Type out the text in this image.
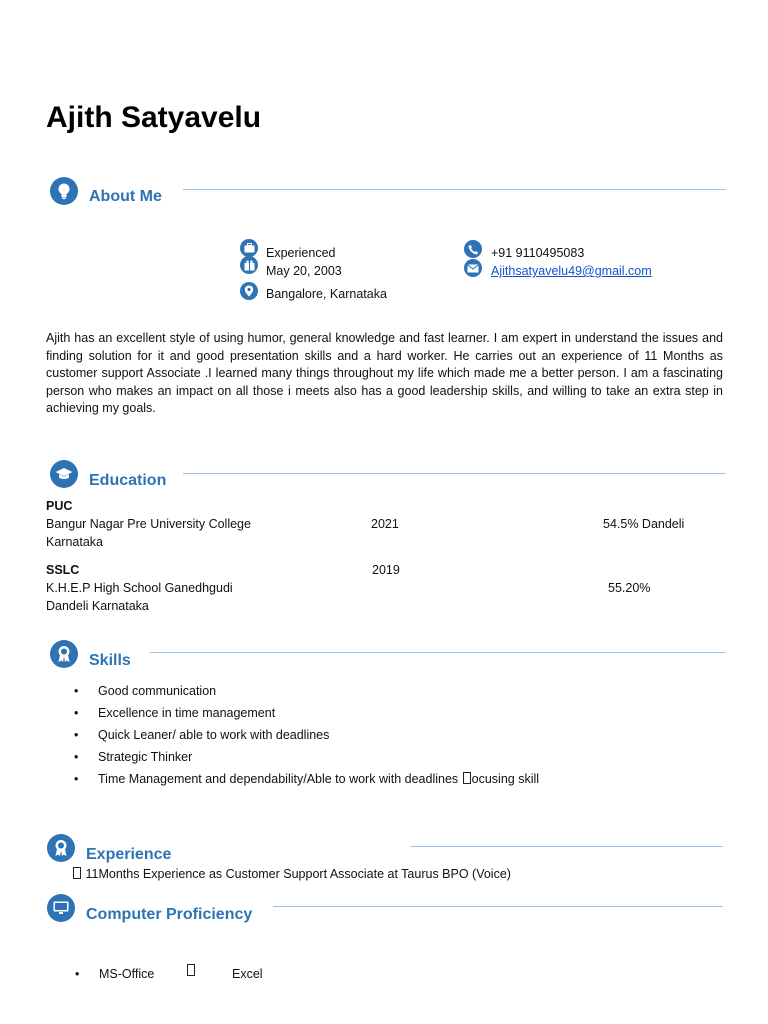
Ajith Satyavelu
About Me
Experienced
May 20, 2003
Bangalore, Karnataka
+91 9110495083
Ajithsatyavelu49@gmail.com
Ajith has an excellent style of using humor, general knowledge and fast learner. I am expert in understand the issues and finding solution for it and good presentation skills and a hard worker. He carries out an experience of 11 Months as customer support Associate .I learned many things throughout my life which made me a better person. I am a fascinating person who makes an impact on all those i meets also has a good leadership skills, and willing to take an extra step in achieving my goals.
Education
PUC
Bangur Nagar Pre University College
Karnataka
2021	54.5% Dandeli
SSLC
K.H.E.P High School Ganedhgudi
Dandeli Karnataka
2019
55.20%
Skills
• Good communication
• Excellence in time management
• Quick Leaner/ able to work with deadlines
• Strategic Thinker
• Time Management and dependability/Able to work with deadlines ocusing skill
Experience
11Months Experience as Customer Support Associate at Taurus BPO (Voice)
Computer Proficiency
• MS-Office	Excel
